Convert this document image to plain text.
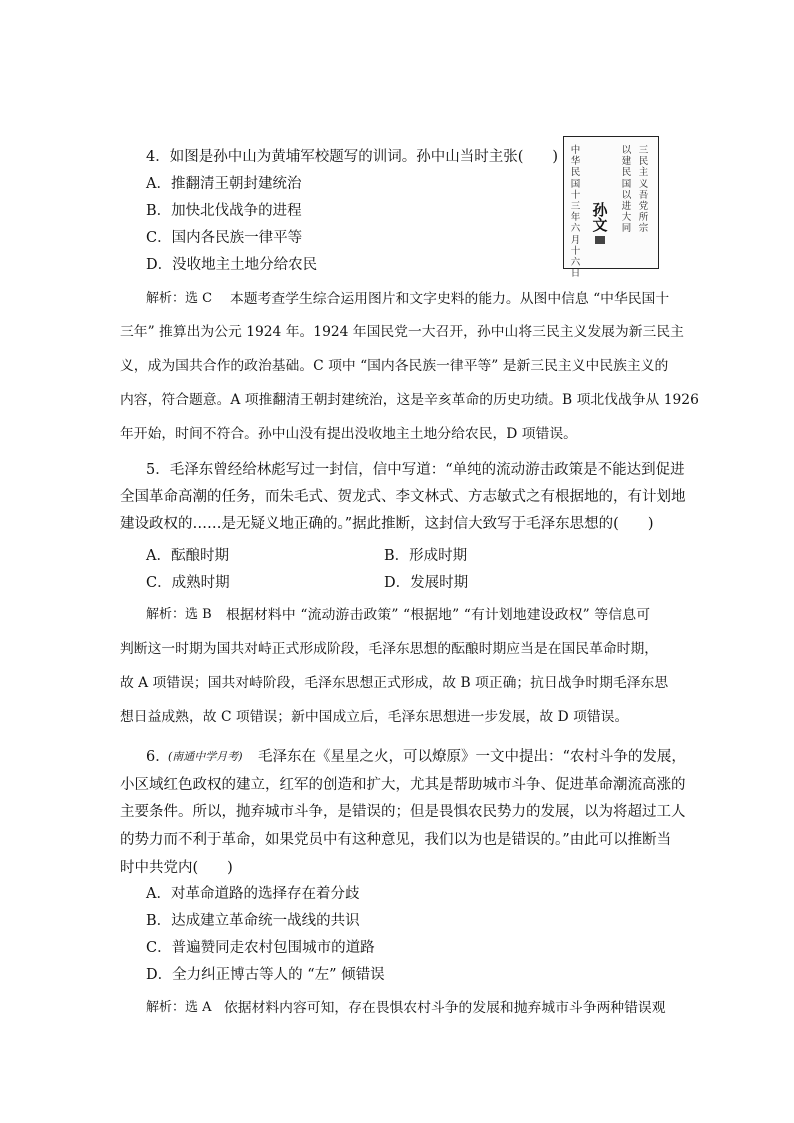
4．如图是孙中山为黄埔军校题写的训词。孙中山当时主张(　　)
A．推翻清王朝封建统治
B．加快北伐战争的进程
C．国内各民族一律平等
D．没收地主土地分给农民
中华民国十三年六月十六日
孙文
以建民国以进大同
三民主义吾党所宗
解析：选 C 本题考查学生综合运用图片和文字史料的能力。从图中信息 “中华民国十
三年” 推算出为公元 1924 年。1924 年国民党一大召开，孙中山将三民主义发展为新三民主
义，成为国共合作的政治基础。C 项中 “国内各民族一律平等” 是新三民主义中民族主义的
内容，符合题意。A 项推翻清王朝封建统治，这是辛亥革命的历史功绩。B 项北伐战争从 1926
年开始，时间不符合。孙中山没有提出没收地主土地分给农民，D 项错误。
5．毛泽东曾经给林彪写过一封信，信中写道：“单纯的流动游击政策是不能达到促进
全国革命高潮的任务，而朱毛式、贺龙式、李文林式、方志敏式之有根据地的，有计划地
建设政权的……是无疑义地正确的。”据此推断，这封信大致写于毛泽东思想的(　　)
A．酝酿时期	B．形成时期
C．成熟时期	D．发展时期
解析：选 B 根据材料中 “流动游击政策” “根据地” “有计划地建设政权” 等信息可
判断这一时期为国共对峙正式形成阶段，毛泽东思想的酝酿时期应当是在国民革命时期，
故 A 项错误；国共对峙阶段，毛泽东思想正式形成，故 B 项正确；抗日战争时期毛泽东思
想日益成熟，故 C 项错误；新中国成立后，毛泽东思想进一步发展，故 D 项错误。
6．
(南通中学月考) 毛泽东在《星星之火，可以燎原》一文中提出：“农村斗争的发展，
小区域红色政权的建立，红军的创造和扩大，尤其是帮助城市斗争、促进革命潮流高涨的
主要条件。所以，抛弃城市斗争，是错误的；但是畏惧农民势力的发展，以为将超过工人
的势力而不利于革命，如果党员中有这种意见，我们以为也是错误的。”由此可以推断当
时中共党内(　　)
A．对革命道路的选择存在着分歧
B．达成建立革命统一战线的共识
C．普遍赞同走农村包围城市的道路
D．全力纠正博古等人的 “左” 倾错误
解析：选 A 依据材料内容可知，存在畏惧农村斗争的发展和抛弃城市斗争两种错误观
